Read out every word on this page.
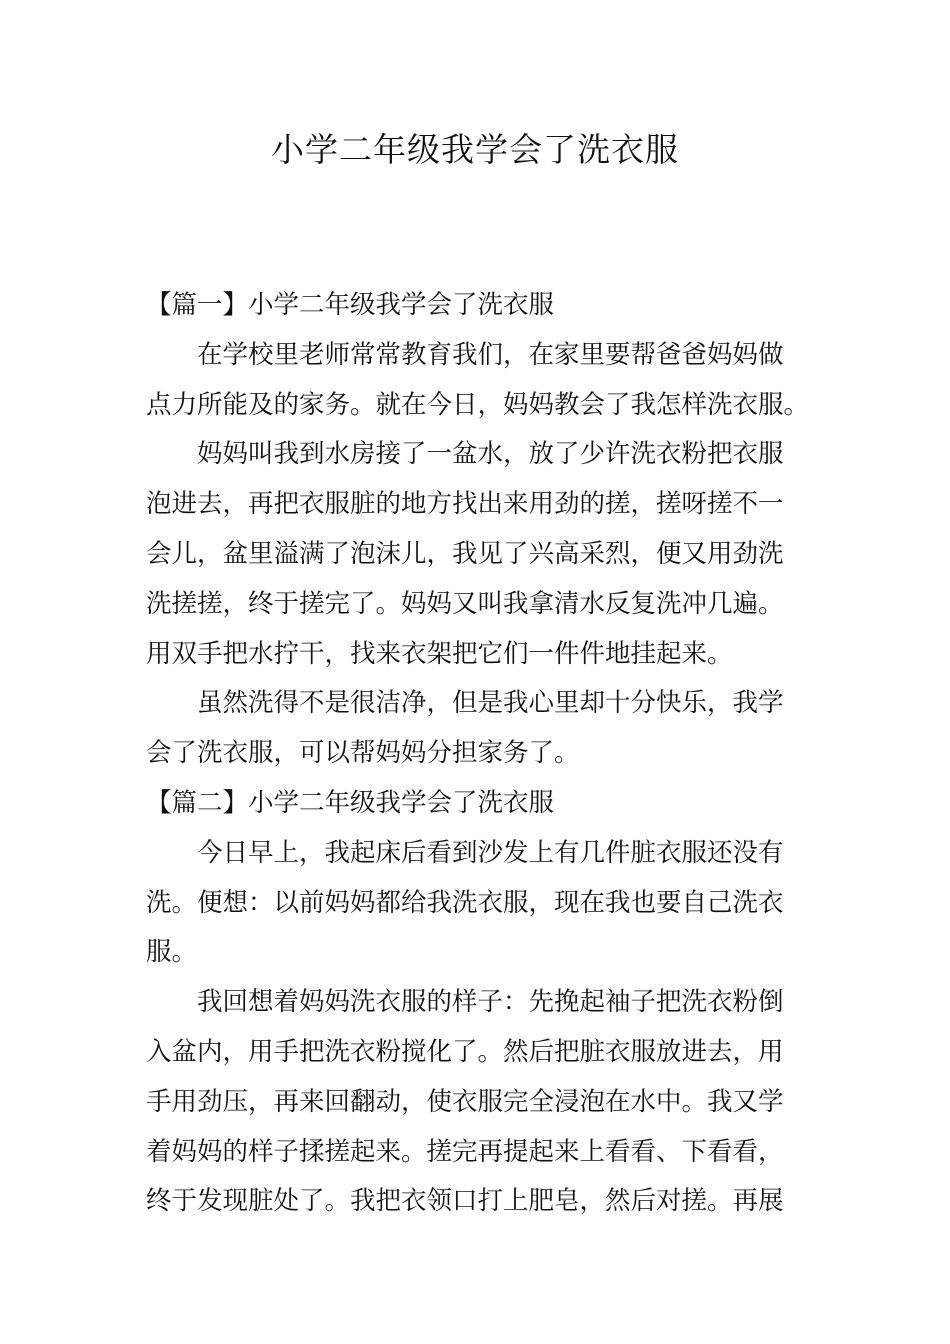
小学二年级我学会了洗衣服

【篇一】小学二年级我学会了洗衣服

在学校里老师常常教育我们，在家里要帮爸爸妈妈做
点力所能及的家务。就在今日，妈妈教会了我怎样洗衣服。
妈妈叫我到水房接了一盆水，放了少许洗衣粉把衣服
泡进去，再把衣服脏的地方找出来用劲的搓，搓呀搓不一
会儿，盆里溢满了泡沫儿，我见了兴高采烈，便又用劲洗
洗搓搓，终于搓完了。妈妈又叫我拿清水反复洗冲几遍。
用双手把水拧干，找来衣架把它们一件件地挂起来。
虽然洗得不是很洁净，但是我心里却十分快乐，我学
会了洗衣服，可以帮妈妈分担家务了。

【篇二】小学二年级我学会了洗衣服

今日早上，我起床后看到沙发上有几件脏衣服还没有
洗。便想：以前妈妈都给我洗衣服，现在我也要自己洗衣
服。
我回想着妈妈洗衣服的样子：先挽起袖子把洗衣粉倒
入盆内，用手把洗衣粉搅化了。然后把脏衣服放进去，用
手用劲压，再来回翻动，使衣服完全浸泡在水中。我又学
着妈妈的样子揉搓起来。搓完再提起来上看看、下看看，
终于发现脏处了。我把衣领口打上肥皂，然后对搓。再展
